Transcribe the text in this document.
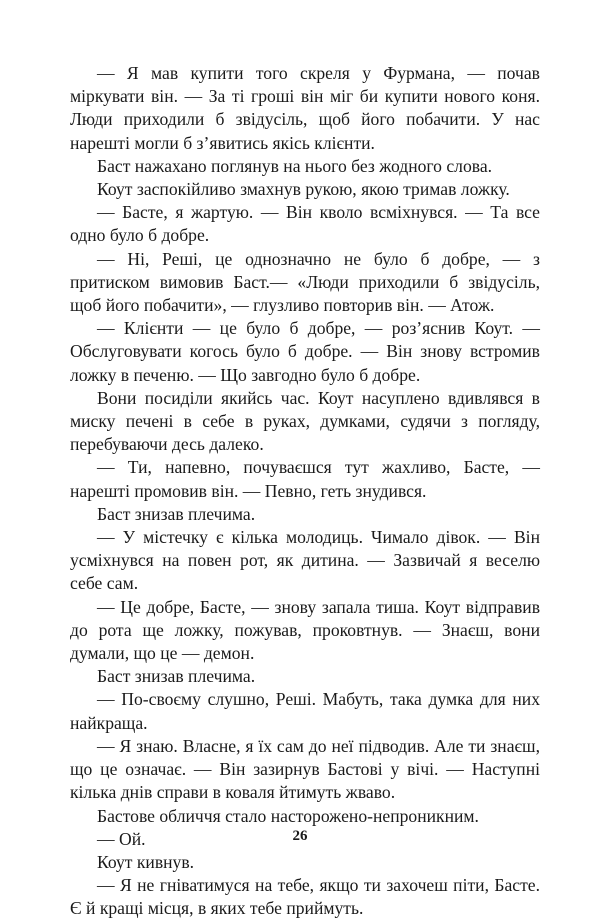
— Я мав купити того скреля у Фурмана, — почав міркувати він. — За ті гроші він міг би купити нового коня. Люди приходили б звідусіль, щоб його побачити. У нас нарешті могли б з’явитись якісь клієнти.

Баст нажахано поглянув на нього без жодного слова.

Коут заспокійливо змахнув рукою, якою тримав ложку.

— Басте, я жартую. — Він кволо всміхнувся. — Та все одно було б добре.

— Ні, Реші, це однозначно не було б добре, — з притиском вимовив Баст.— «Люди приходили б звідусіль, щоб його побачити», — глузливо повторив він. — Атож.

— Клієнти — це було б добре, — роз’яснив Коут. — Обслуговувати когось було б добре. — Він знову встромив ложку в печеню. — Що завгодно було б добре.

Вони посиділи якийсь час. Коут насуплено вдивлявся в миску печені в себе в руках, думками, судячи з погляду, перебуваючи десь далеко.

— Ти, напевно, почуваєшся тут жахливо, Басте, — нарешті промовив він. — Певно, геть знудився.

Баст знизав плечима.

— У містечку є кілька молодиць. Чимало дівок. — Він усміхнувся на повен рот, як дитина. — Зазвичай я веселю себе сам.

— Це добре, Басте, — знову запала тиша. Коут відправив до рота ще ложку, пожував, проковтнув. — Знаєш, вони думали, що це — демон.

Баст знизав плечима.

— По-своєму слушно, Реші. Мабуть, така думка для них найкраща.

— Я знаю. Власне, я їх сам до неї підводив. Але ти знаєш, що це означає. — Він зазирнув Бастові у вічі. — Наступні кілька днів справи в коваля йтимуть жваво.

Бастове обличчя стало насторожено-непроникним.

— Ой.

Коут кивнув.

— Я не гніватимуся на тебе, якщо ти захочеш піти, Басте. Є й кращі місця, в яких тебе приймуть.

26
